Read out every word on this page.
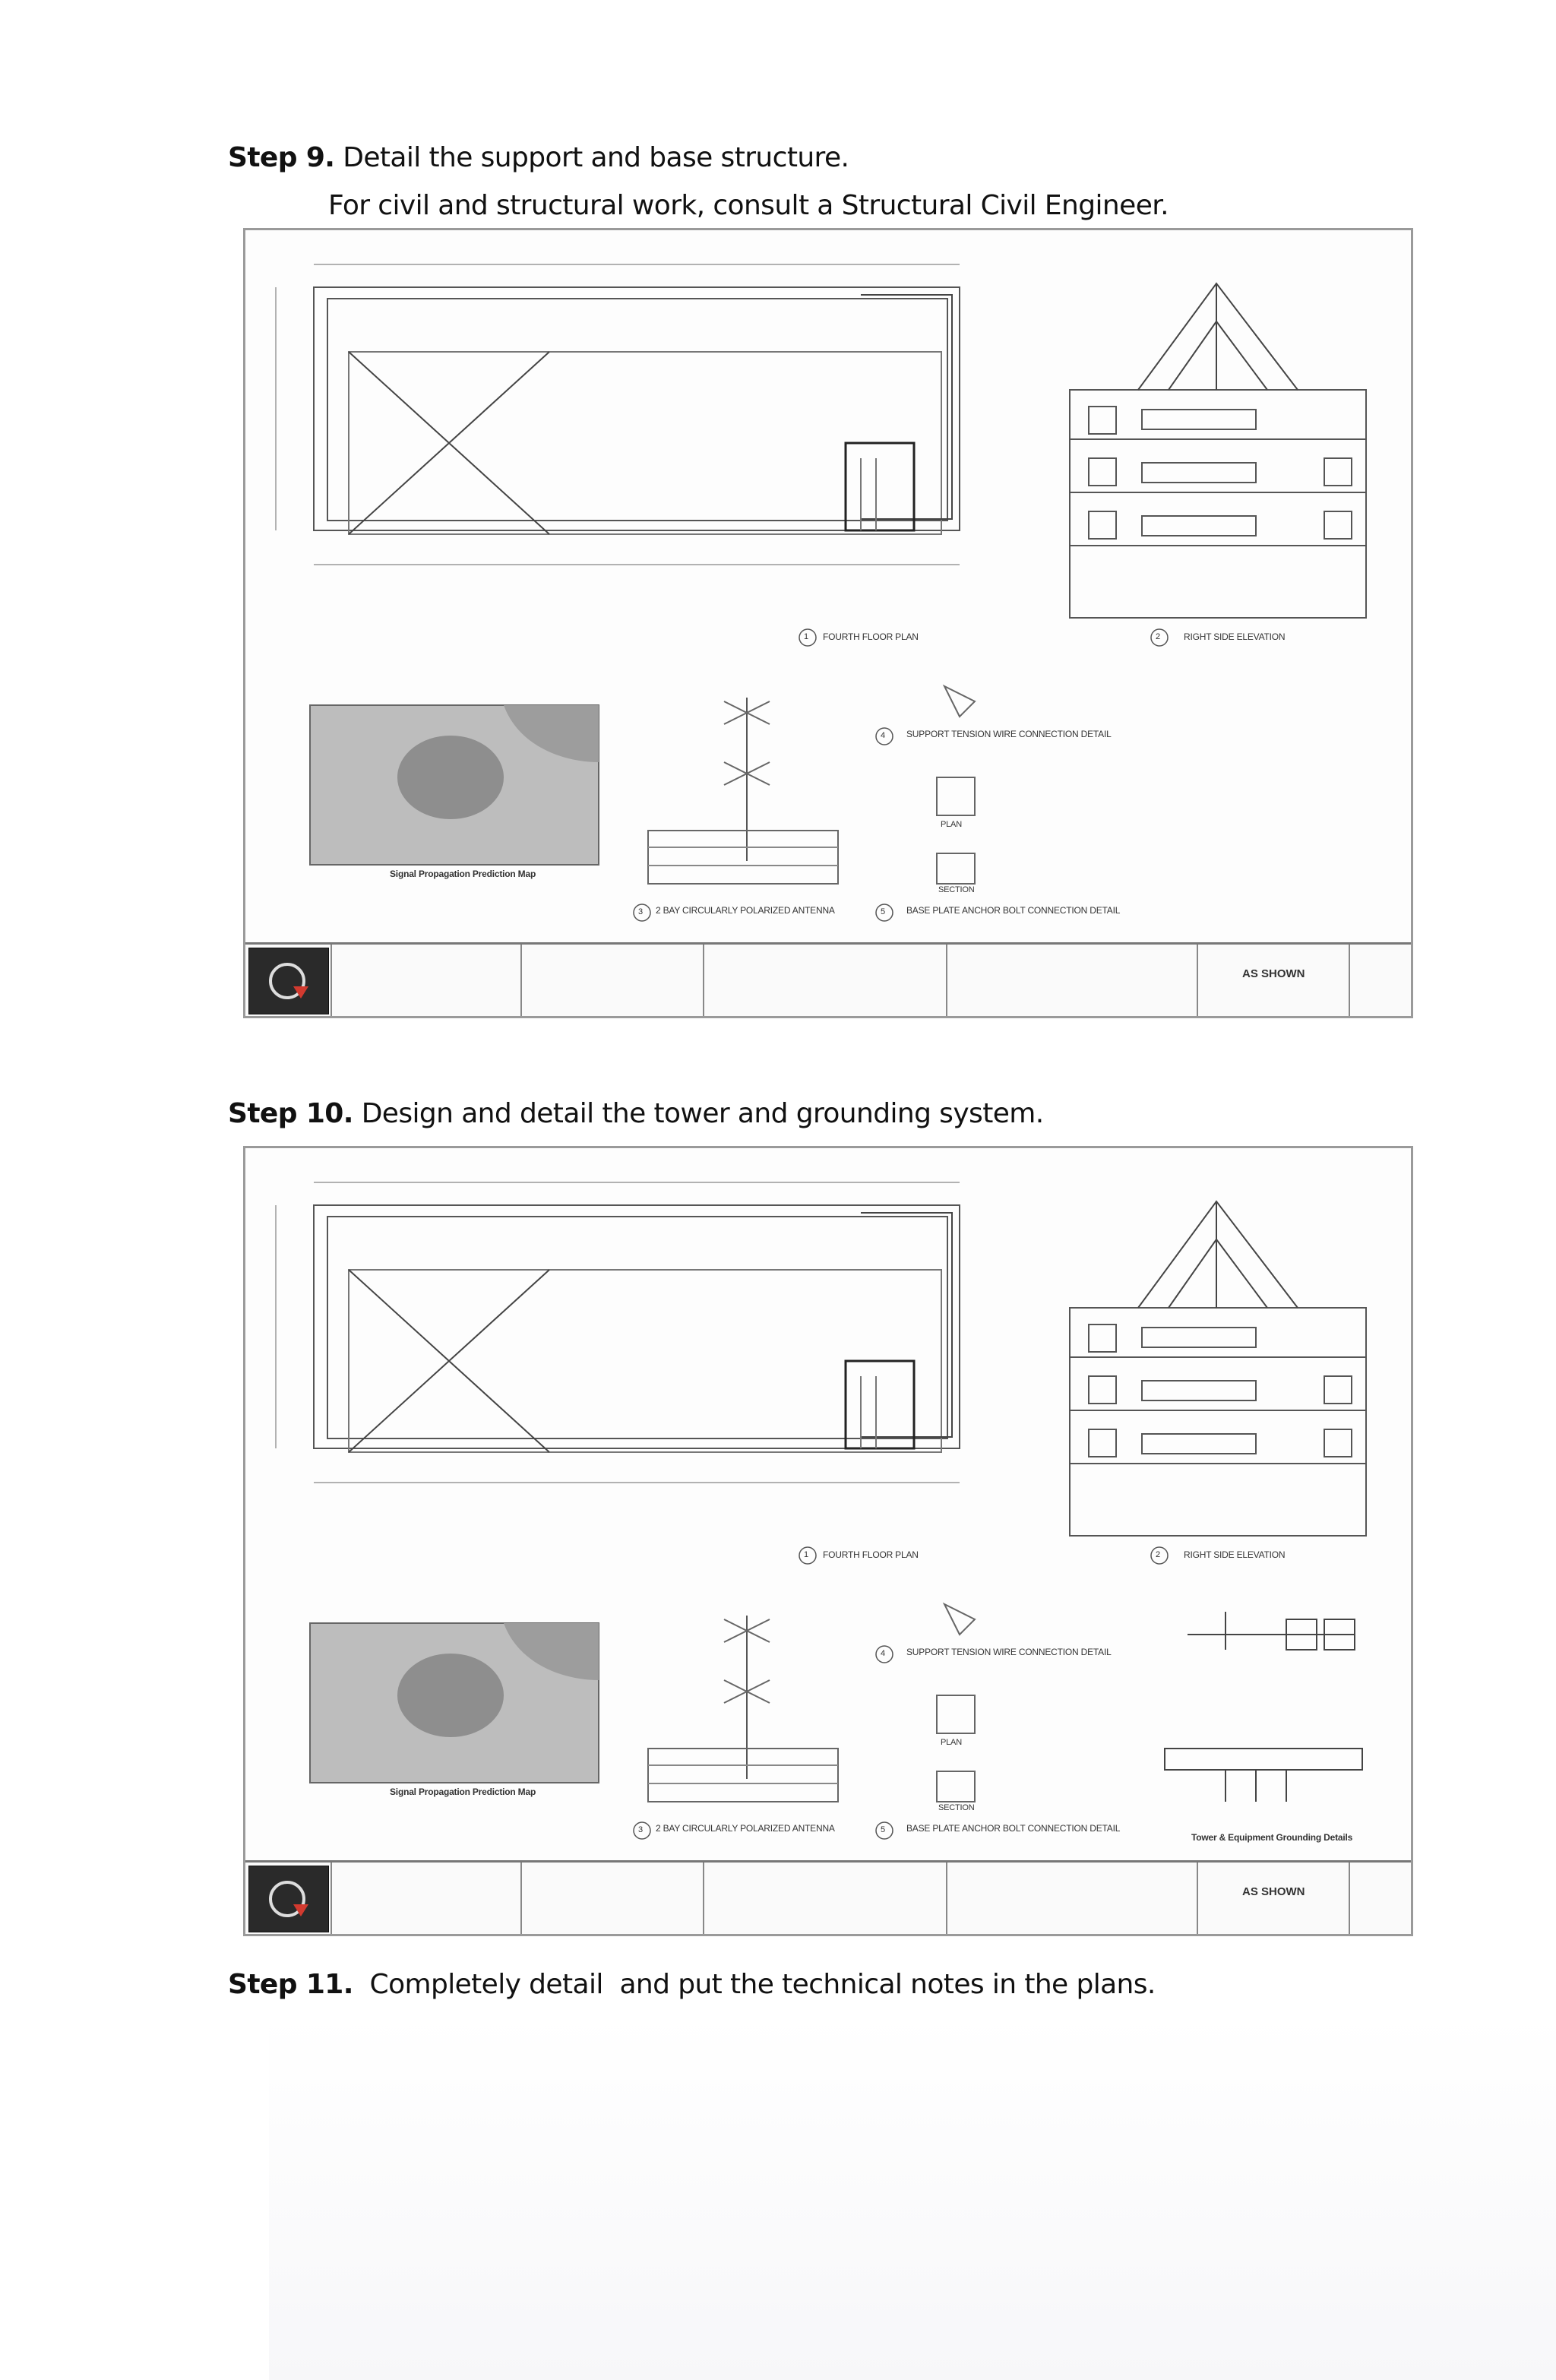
Step 9. Detail the support and base structure.
For civil and structural work, consult a Structural Civil Engineer.
1 FOURTH FLOOR PLAN	2	RIGHT SIDE ELEVATION
3 2 BAY CIRCULARLY POLARIZED ANTENNA
4 SUPPORT TENSION WIRE CONNECTION DETAIL
5 BASE PLATE ANCHOR BOLT CONNECTION DETAIL
PLAN
SECTION
Signal Propagation Prediction Map
AS SHOWN
Step 10. Design and detail the tower and grounding system.
1 FOURTH FLOOR PLAN	2	RIGHT SIDE ELEVATION
3 2 BAY CIRCULARLY POLARIZED ANTENNA
4 SUPPORT TENSION WIRE CONNECTION DETAIL
5 BASE PLATE ANCHOR BOLT CONNECTION DETAIL
PLAN
SECTION
Signal Propagation Prediction Map
Tower & Equipment Grounding Details
AS SHOWN
Step 11.  Completely detail  and put the technical notes in the plans.
